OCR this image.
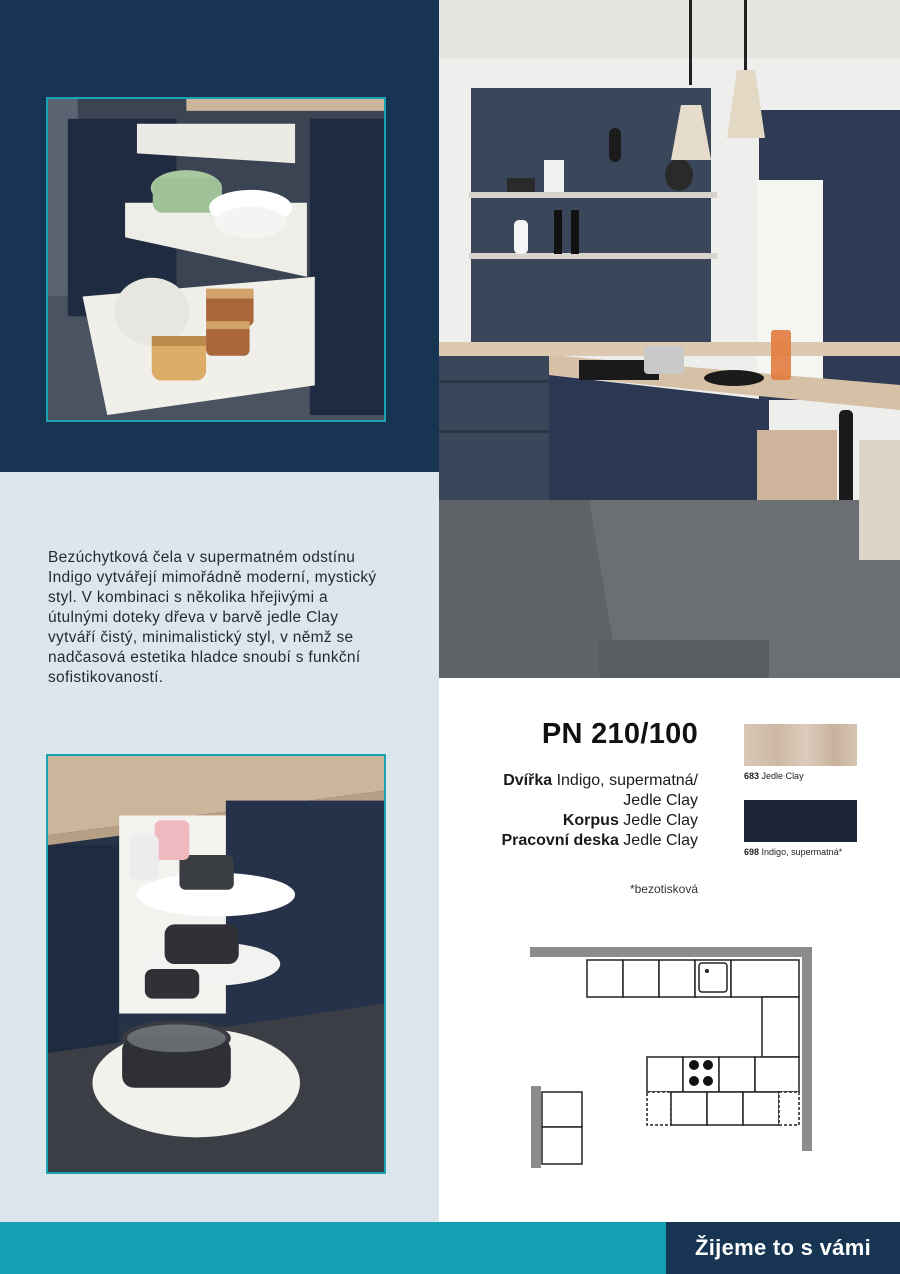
Bezúchytková čela v supermatném odstínu Indigo vytvářejí mimořádně moderní, mystický styl. V kombinaci s několika hřejivými a útulnými doteky dřeva v barvě jedle Clay vytváří čistý, minimalistický styl, v němž se nadčasová estetika hladce snoubí s funkční sofistikovaností.
PN 210/100
Dvířka Indigo, supermatná/
Jedle Clay
Korpus Jedle Clay
Pracovní deska Jedle Clay
*bezotisková
683 Jedle Clay
698 Indigo, supermatná*
Žijeme to s vámi
